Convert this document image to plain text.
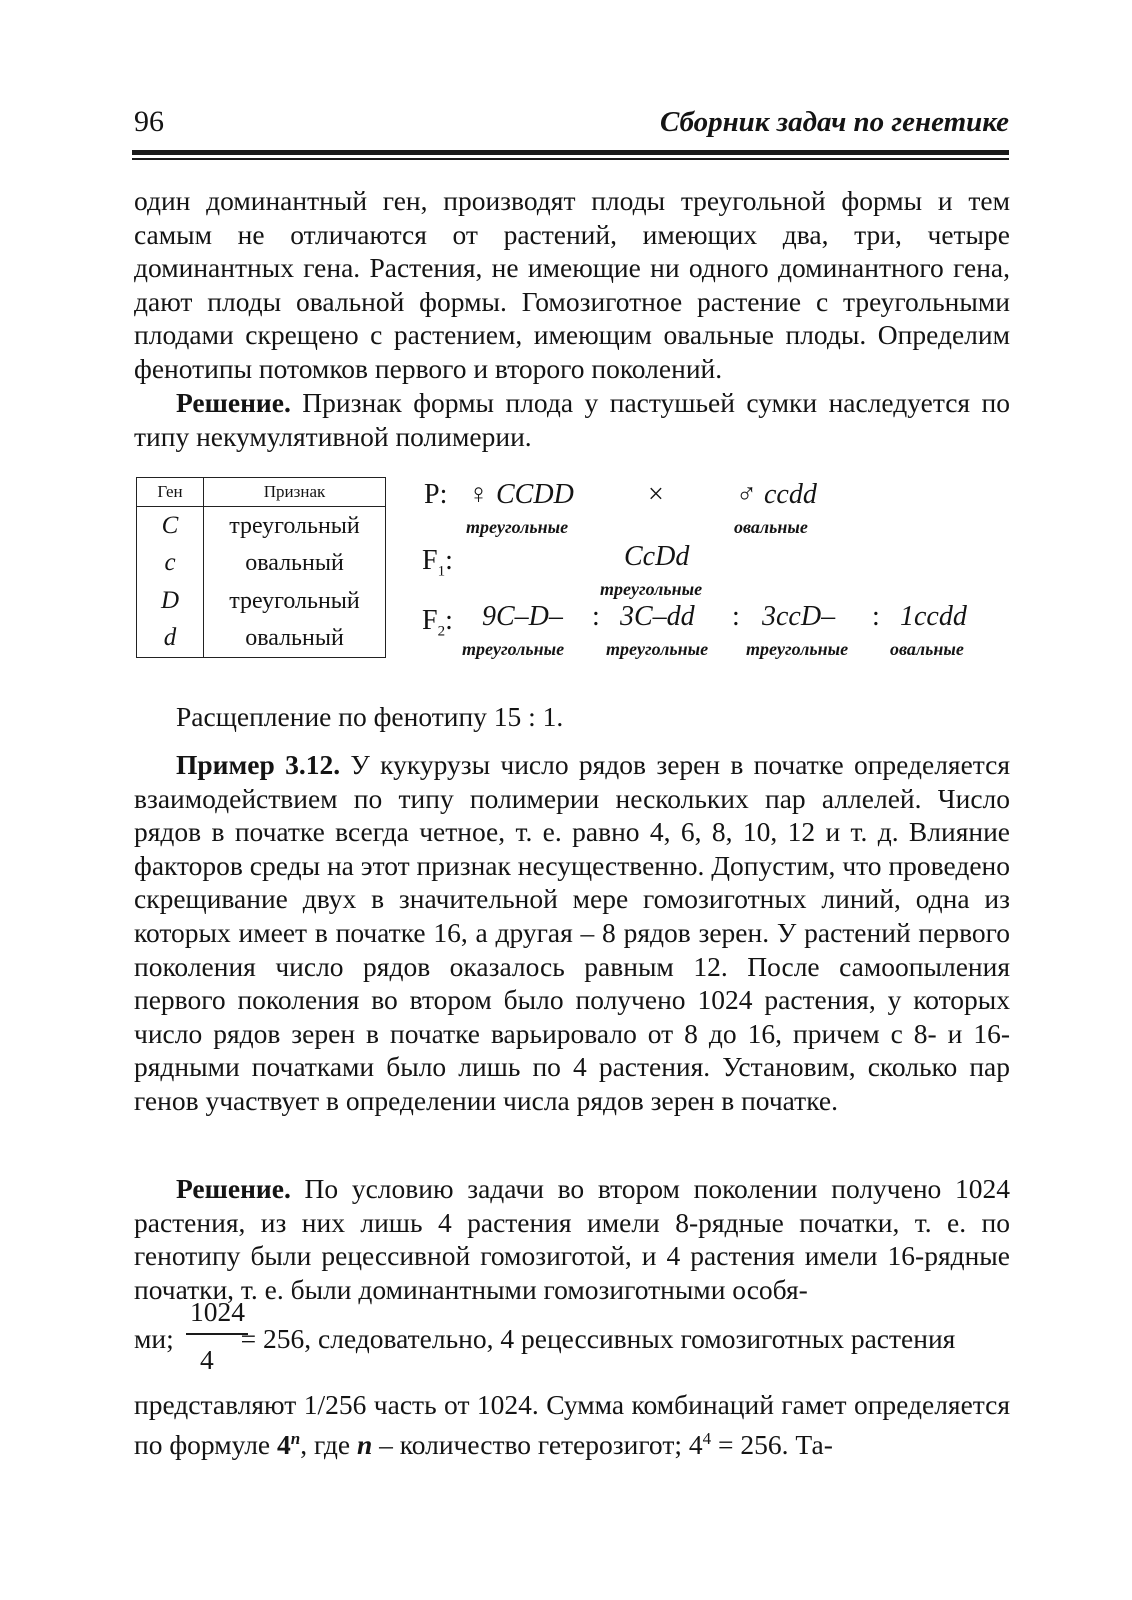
96	Сборник задач по генетике

один доминантный ген, производят плоды треугольной формы и тем самым не отличаются от растений, имеющих два, три, четыре доминантных гена. Растения, не имеющие ни одного доминантного гена, дают плоды овальной формы. Гомозиготное растение с треугольными плодами скрещено с растением, имеющим овальные плоды. Определим фенотипы потомков первого и второго поколений.

Решение. Признак формы плода у пастушьей сумки наследуется по типу некумулятивной полимерии.

Ген	Признак
C	треугольный
c	овальный
D	треугольный
d	овальный
P: ♀ CCDD	×	♂ ccdd
треугольные	овальные
$F_1$:	CcDd
треугольные
$F_2$: 9C–D– : 3C–dd : 3ccD– : 1ccdd
треугольные треугольные треугольные овальные

Расщепление по фенотипу 15 : 1.

Пример 3.12. У кукурузы число рядов зерен в початке определяется взаимодействием по типу полимерии нескольких пар аллелей. Число рядов в початке всегда четное, т. е. равно 4, 6, 8, 10, 12 и т. д. Влияние факторов среды на этот признак несущественно. Допустим, что проведено скрещивание двух в значительной мере гомозиготных линий, одна из которых имеет в початке 16, а другая – 8 рядов зерен. У растений первого поколения число рядов оказалось равным 12. После самоопыления первого поколения во втором было получено 1024 растения, у которых число рядов зерен в початке варьировало от 8 до 16, причем с 8- и 16-рядными початками было лишь по 4 растения. Установим, сколько пар генов участвует в определении числа рядов зерен в початке.

Решение. По условию задачи во втором поколении получено 1024 растения, из них лишь 4 растения имели 8-рядные початки, т. е. по генотипу были рецессивной гомозиготой, и 4 растения имели 16-рядные початки, т. е. были доминантными гомозиготными особя-

1024
4
ми; = 256, следовательно, 4 рецессивных гомозиготных растения

представляют 1/256 часть от 1024. Сумма комбинаций гамет определяется по формуле 4$^n$, где n – количество гетерозигот; $4^4 = 256$. Та-
